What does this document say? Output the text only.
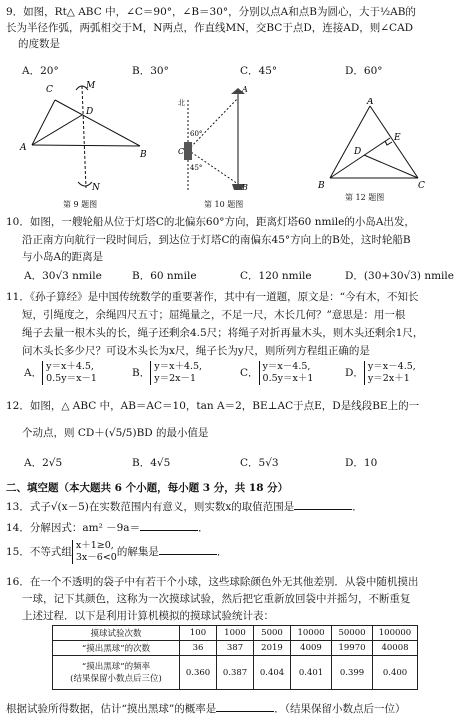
9．如图，Rt△ ABC 中，∠C＝90°，∠B＝30°，分别以点A和点B为圆心，大于½AB的
长为半径作弧，两弧相交于M，N两点，作直线MN，交BC于点D，连接AD，则∠CAD
的度数是
A．20°	B．30°	C．45°	D．60°
C	M
D
A
B
N
第 9 题图
A
北
60°
45°
C
B
第 10 题图
A
E
D
B	C
第 12 题图
10．如图，一艘轮船从位于灯塔C的北偏东60°方向，距离灯塔60 nmile的小岛A出发，
沿正南方向航行一段时间后，到达位于灯塔C的南偏东45°方向上的B处，这时轮船B
与小岛A的距离是
A．30√3 nmile	B．60 nmile	C．120 nmile	D．(30+30√3) nmile
11．《孙子算经》是中国传统数学的重要著作，其中有一道题，原文是：“今有木，不知长
短，引绳度之，余绳四尺五寸；屈绳量之，不足一尺，木长几何？”意思是：用一根
绳子去量一根木头的长，绳子还剩余4.5尺；将绳子对折再量木头，则木头还剩余1尺，
问木头长多少尺？可设木头长为x尺，绳子长为y尺，则所列方程组正确的是
A．y＝x＋4.5,
0.5y＝x－1	B．y＝x＋4.5,
y＝2x－1	C．y＝x－4.5,
0.5y＝x＋1	D．y＝x－4.5,
y＝2x＋1
12．如图，△ ABC 中，AB＝AC＝10，tan A＝2，BE⊥AC于点E，D是线段BE上的一
个动点，则 CD＋(√5/5)BD 的最小值是
A．2√5	B．4√5	C．5√3	D．10
二、填空题（本大题共 6 个小题，每小题 3 分，共 18 分）
13．式子√(x－5)在实数范围内有意义，则实数x的取值范围是	．
14．分解因式：am² －9a＝	．
15．不等式组x＋1≥0,
3x－6<0的解集是	．
16．在一个不透明的袋子中有若干个小球，这些球除颜色外无其他差别．从袋中随机摸出
一球，记下其颜色，这称为一次摸球试验，然后把它重新放回袋中并摇匀，不断重复
上述过程．以下是利用计算机模拟的摸球试验统计表：
摸球试验次数	100	1000	5000	10000	50000	100000
“摸出黑球”的次数	36	387	2019	4009	19970	40008
“摸出黑球”的频率
(结果保留小数点后三位)	0.360	0.387	0.404	0.401	0.399	0.400
根据试验所得数据，估计“摸出黑球”的概率是	．（结果保留小数点后一位）
